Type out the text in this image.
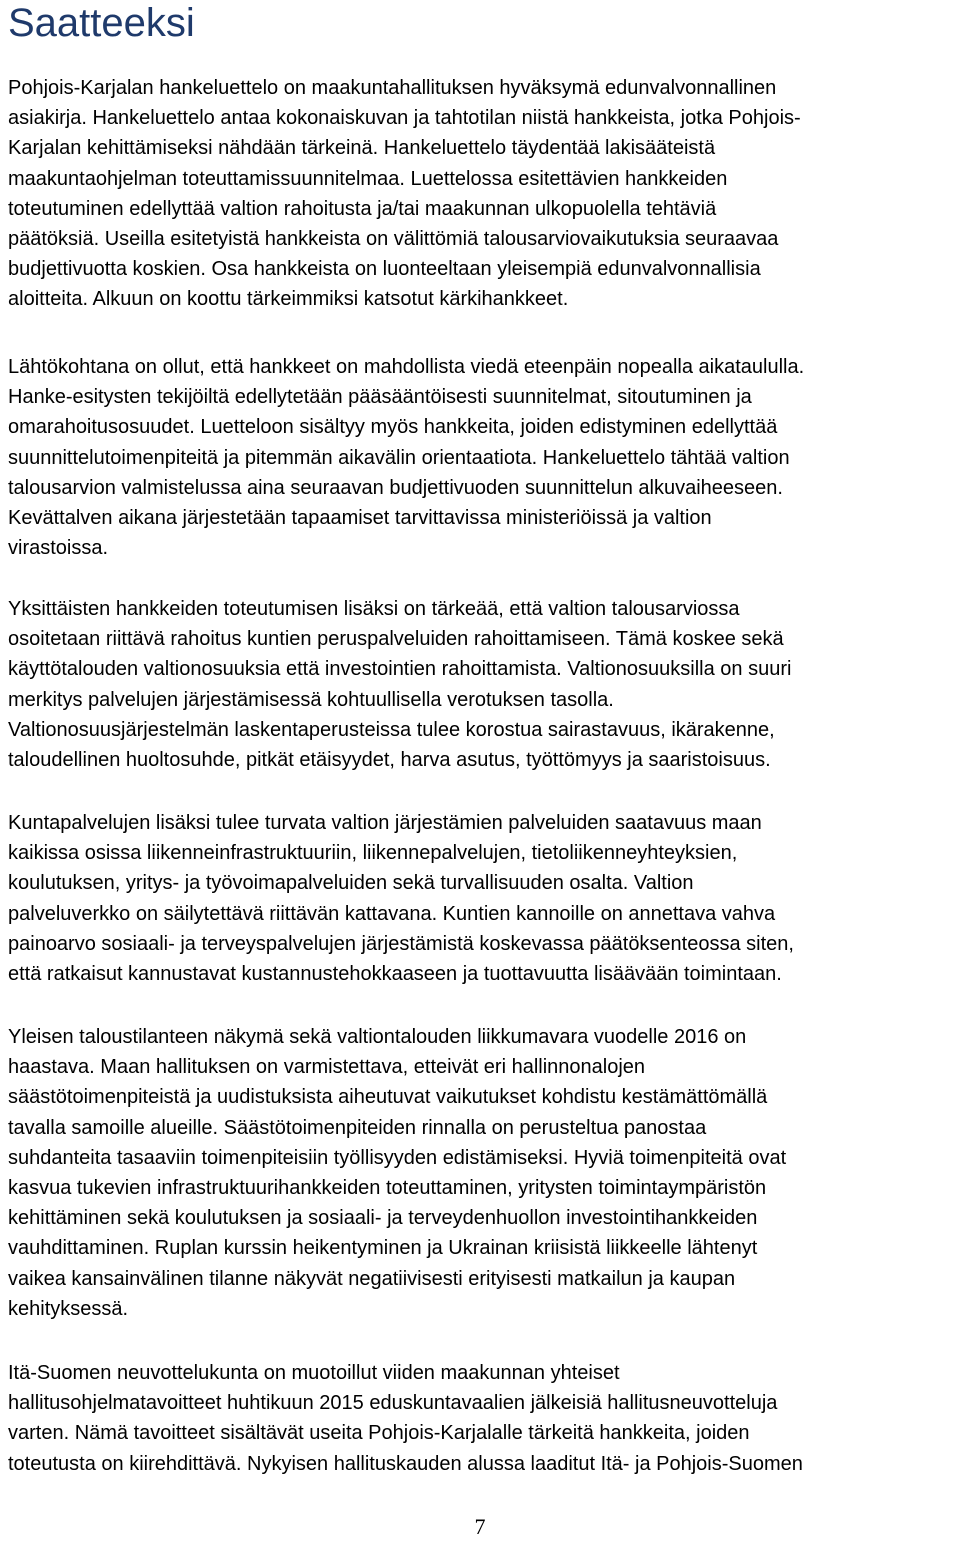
Saatteeksi
Pohjois-Karjalan hankeluettelo on maakuntahallituksen hyväksymä edunvalvonnallinen
asiakirja. Hankeluettelo antaa kokonaiskuvan ja tahtotilan niistä hankkeista, jotka Pohjois-
Karjalan kehittämiseksi nähdään tärkeinä. Hankeluettelo täydentää lakisääteistä
maakuntaohjelman toteuttamissuunnitelmaa. Luettelossa esitettävien hankkeiden
toteutuminen edellyttää valtion rahoitusta ja/tai maakunnan ulkopuolella tehtäviä
päätöksiä. Useilla esitetyistä hankkeista on välittömiä talousarviovaikutuksia seuraavaa
budjettivuotta koskien. Osa hankkeista on luonteeltaan yleisempiä edunvalvonnallisia
aloitteita. Alkuun on koottu tärkeimmiksi katsotut kärkihankkeet.
Lähtökohtana on ollut, että hankkeet on mahdollista viedä eteenpäin nopealla aikataululla.
Hanke-esitysten tekijöiltä edellytetään pääsääntöisesti suunnitelmat, sitoutuminen ja
omarahoitusosuudet. Luetteloon sisältyy myös hankkeita, joiden edistyminen edellyttää
suunnittelutoimenpiteitä ja pitemmän aikavälin orientaatiota. Hankeluettelo tähtää valtion
talousarvion valmistelussa aina seuraavan budjettivuoden suunnittelun alkuvaiheeseen.
Kevättalven aikana järjestetään tapaamiset tarvittavissa ministeriöissä ja valtion
virastoissa.
Yksittäisten hankkeiden toteutumisen lisäksi on tärkeää, että valtion talousarviossa
osoitetaan riittävä rahoitus kuntien peruspalveluiden rahoittamiseen. Tämä koskee sekä
käyttötalouden valtionosuuksia että investointien rahoittamista. Valtionosuuksilla on suuri
merkitys palvelujen järjestämisessä kohtuullisella verotuksen tasolla.
Valtionosuusjärjestelmän laskentaperusteissa tulee korostua sairastavuus, ikärakenne,
taloudellinen huoltosuhde, pitkät etäisyydet, harva asutus, työttömyys ja saaristoisuus.
Kuntapalvelujen lisäksi tulee turvata valtion järjestämien palveluiden saatavuus maan
kaikissa osissa liikenneinfrastruktuuriin, liikennepalvelujen, tietoliikenneyhteyksien,
koulutuksen, yritys- ja työvoimapalveluiden sekä turvallisuuden osalta. Valtion
palveluverkko on säilytettävä riittävän kattavana. Kuntien kannoille on annettava vahva
painoarvo sosiaali- ja terveyspalvelujen järjestämistä koskevassa päätöksenteossa siten,
että ratkaisut kannustavat kustannustehokkaaseen ja tuottavuutta lisäävään toimintaan.
Yleisen taloustilanteen näkymä sekä valtiontalouden liikkumavara vuodelle 2016 on
haastava. Maan hallituksen on varmistettava, etteivät eri hallinnonalojen
säästötoimenpiteistä ja uudistuksista aiheutuvat vaikutukset kohdistu kestämättömällä
tavalla samoille alueille. Säästötoimenpiteiden rinnalla on perusteltua panostaa
suhdanteita tasaaviin toimenpiteisiin työllisyyden edistämiseksi. Hyviä toimenpiteitä ovat
kasvua tukevien infrastruktuurihankkeiden toteuttaminen, yritysten toimintaympäristön
kehittäminen sekä koulutuksen ja sosiaali- ja terveydenhuollon investointihankkeiden
vauhdittaminen. Ruplan kurssin heikentyminen ja Ukrainan kriisistä liikkeelle lähtenyt
vaikea kansainvälinen tilanne näkyvät negatiivisesti erityisesti matkailun ja kaupan
kehityksessä.
Itä-Suomen neuvottelukunta on muotoillut viiden maakunnan yhteiset
hallitusohjelmatavoitteet huhtikuun 2015 eduskuntavaalien jälkeisiä hallitusneuvotteluja
varten. Nämä tavoitteet sisältävät useita Pohjois-Karjalalle tärkeitä hankkeita, joiden
toteutusta on kiirehdittävä. Nykyisen hallituskauden alussa laaditut Itä- ja Pohjois-Suomen
7
